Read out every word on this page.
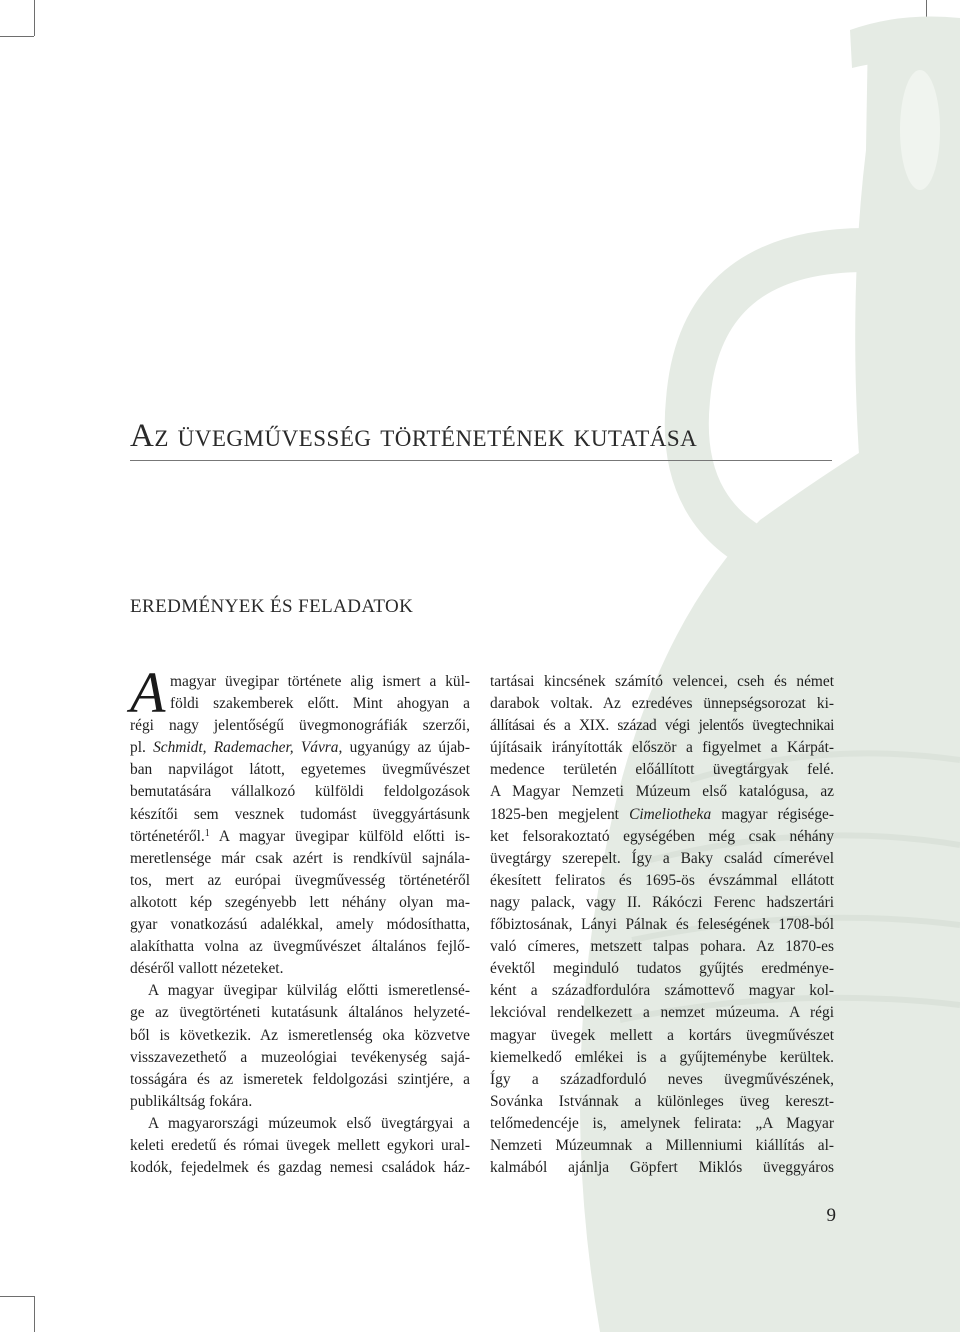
Az üvegművesség történetének kutatása
EREDMÉNYEK ÉS FELADATOK
A magyar üvegipar története alig ismert a kül-
földi szakemberek előtt. Mint ahogyan a
régi nagy jelentőségű üvegmonográfiák szerzői,
pl. Schmidt, Rademacher, Vávra, ugyanúgy az újab-
ban napvilágot látott, egyetemes üvegművészet
bemutatására vállalkozó külföldi feldolgozások
készítői sem vesznek tudomást üveggyártásunk
történetéről.$^1$ A magyar üvegipar külföld előtti is-
meretlensége már csak azért is rendkívül sajnála-
tos, mert az európai üvegművesség történetéről
alkotott kép szegényebb lett néhány olyan ma-
gyar vonatkozású adalékkal, amely módosíthatta,
alakíthatta volna az üvegművészet általános fejlő-
déséről vallott nézeteket.
A magyar üvegipar külvilág előtti ismeretlensé-
ge az üvegtörténeti kutatásunk általános helyzeté-
ből is következik. Az ismeretlenség oka közvetve
visszavezethető a muzeológiai tevékenység sajá-
tosságára és az ismeretek feldolgozási szintjére, a
publikáltság fokára.
A magyarországi múzeumok első üvegtárgyai a
keleti eredetű és római üvegek mellett egykori ural-
kodók, fejedelmek és gazdag nemesi családok ház-
tartásai kincsének számító velencei, cseh és német
darabok voltak. Az ezredéves ünnepségsorozat ki-
állításai és a XIX. század végi jelentős üvegtechnikai
újításaik irányították először a figyelmet a Kárpát-
medence területén előállított üvegtárgyak felé.
A Magyar Nemzeti Múzeum első katalógusa, az
1825-ben megjelent Cimeliotheka magyar régisége-
ket felsorakoztató egységében még csak néhány
üvegtárgy szerepelt. Így a Baky család címerével
ékesített feliratos és 1695-ös évszámmal ellátott
nagy palack, vagy II. Rákóczi Ferenc hadszertári
főbiztosának, Lányi Pálnak és feleségének 1708-ból
való címeres, metszett talpas pohara. Az 1870-es
évektől meginduló tudatos gyűjtés eredménye-
ként a századfordulóra számottevő magyar kol-
lekcióval rendelkezett a nemzet múzeuma. A régi
magyar üvegek mellett a kortárs üvegművészet
kiemelkedő emlékei is a gyűjteménybe kerültek.
Így a századforduló neves üvegművészének,
Sovánka Istvánnak a különleges üveg kereszt-
telőmedencéje is, amelynek felirata: „A Magyar
Nemzeti Múzeumnak a Millenniumi kiállítás al-
kalmából ajánlja Göpfert Miklós üveggyáros
9
